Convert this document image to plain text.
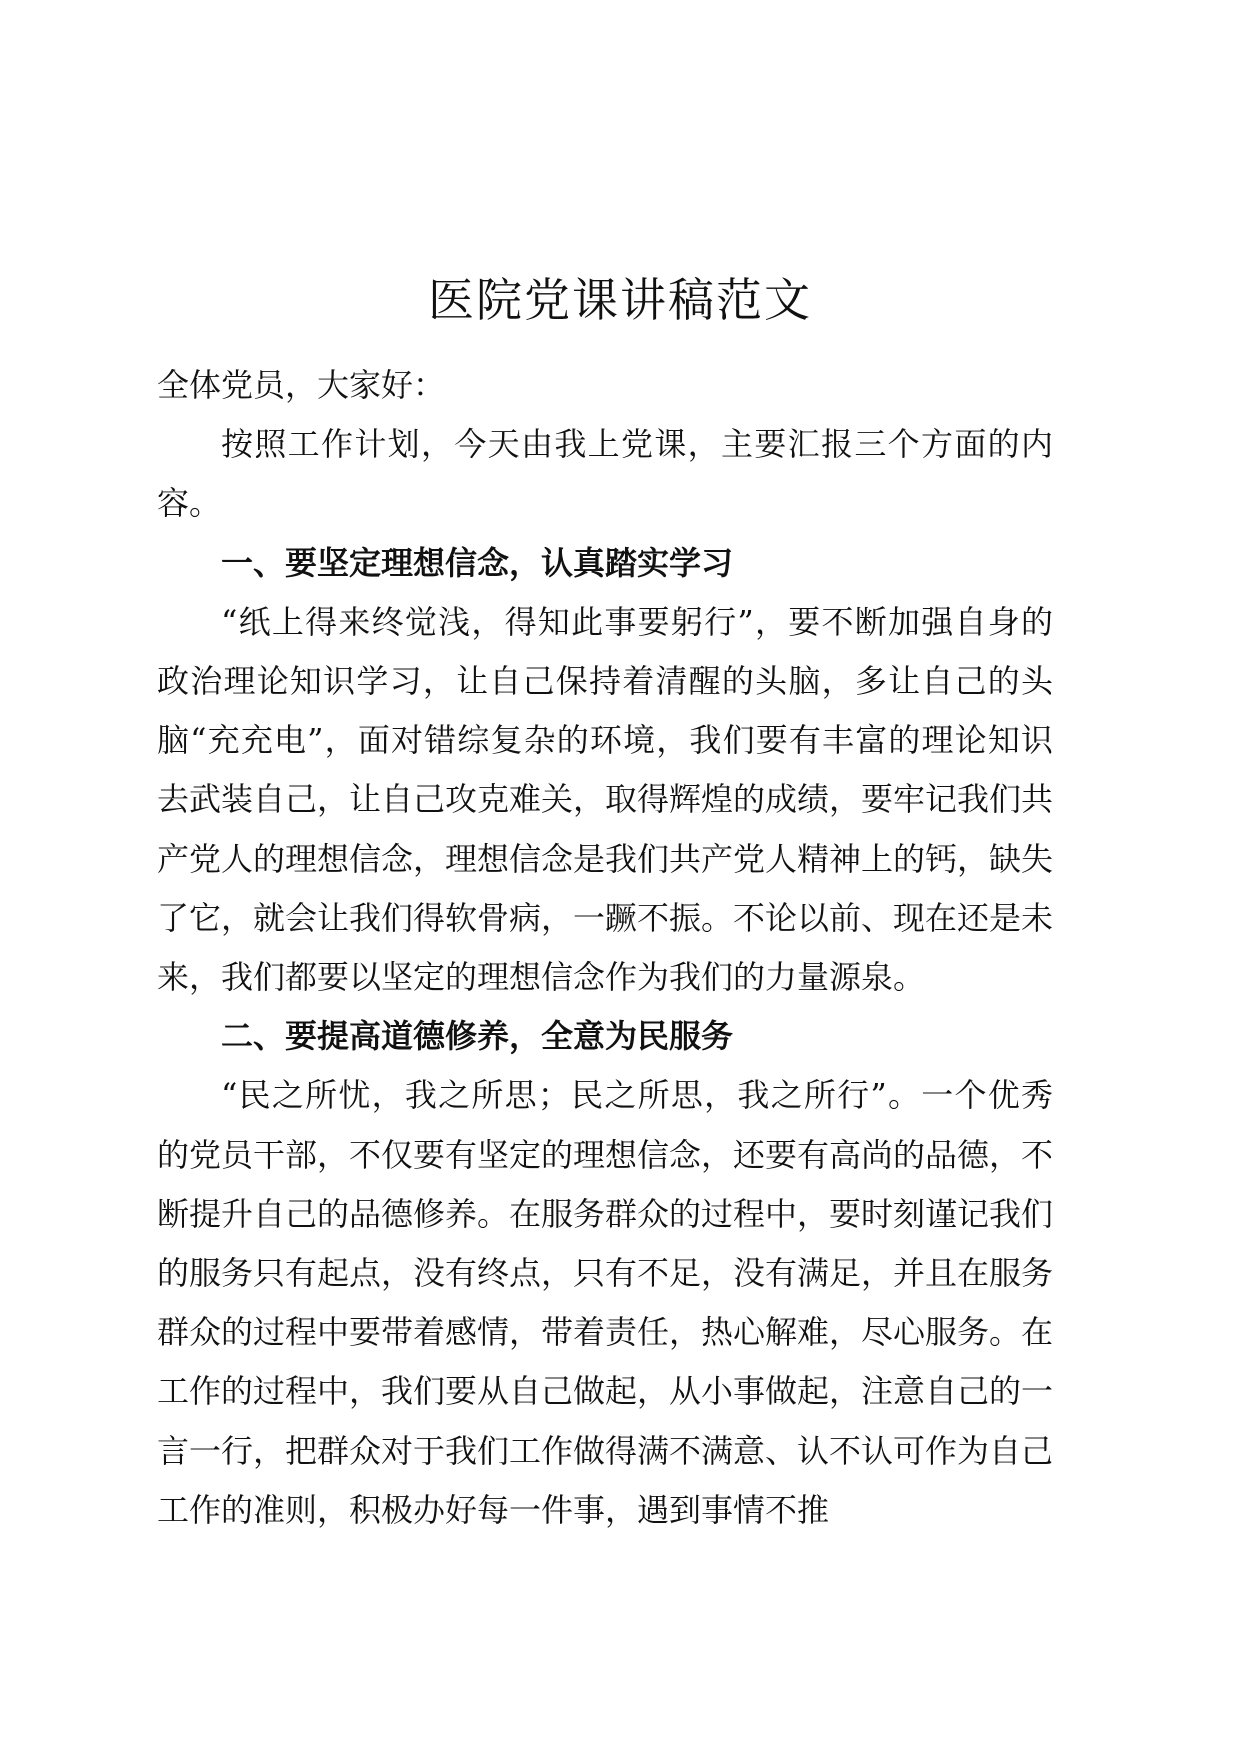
医院党课讲稿范文

全体党员，大家好：

按照工作计划，今天由我上党课，主要汇报三个方面的内容。

一、要坚定理想信念，认真踏实学习

“纸上得来终觉浅，得知此事要躬行”，要不断加强自身的政治理论知识学习，让自己保持着清醒的头脑，多让自己的头脑“充充电”，面对错综复杂的环境，我们要有丰富的理论知识去武装自己，让自己攻克难关，取得辉煌的成绩，要牢记我们共产党人的理想信念，理想信念是我们共产党人精神上的钙，缺失了它，就会让我们得软骨病，一蹶不振。不论以前、现在还是未来，我们都要以坚定的理想信念作为我们的力量源泉。

二、要提高道德修养，全意为民服务

“民之所忧，我之所思；民之所思，我之所行”。一个优秀的党员干部，不仅要有坚定的理想信念，还要有高尚的品德，不断提升自己的品德修养。在服务群众的过程中，要时刻谨记我们的服务只有起点，没有终点，只有不足，没有满足，并且在服务群众的过程中要带着感情，带着责任，热心解难，尽心服务。在工作的过程中，我们要从自己做起，从小事做起，注意自己的一言一行，把群众对于我们工作做得满不满意、认不认可作为自己工作的准则，积极办好每一件事，遇到事情不推
